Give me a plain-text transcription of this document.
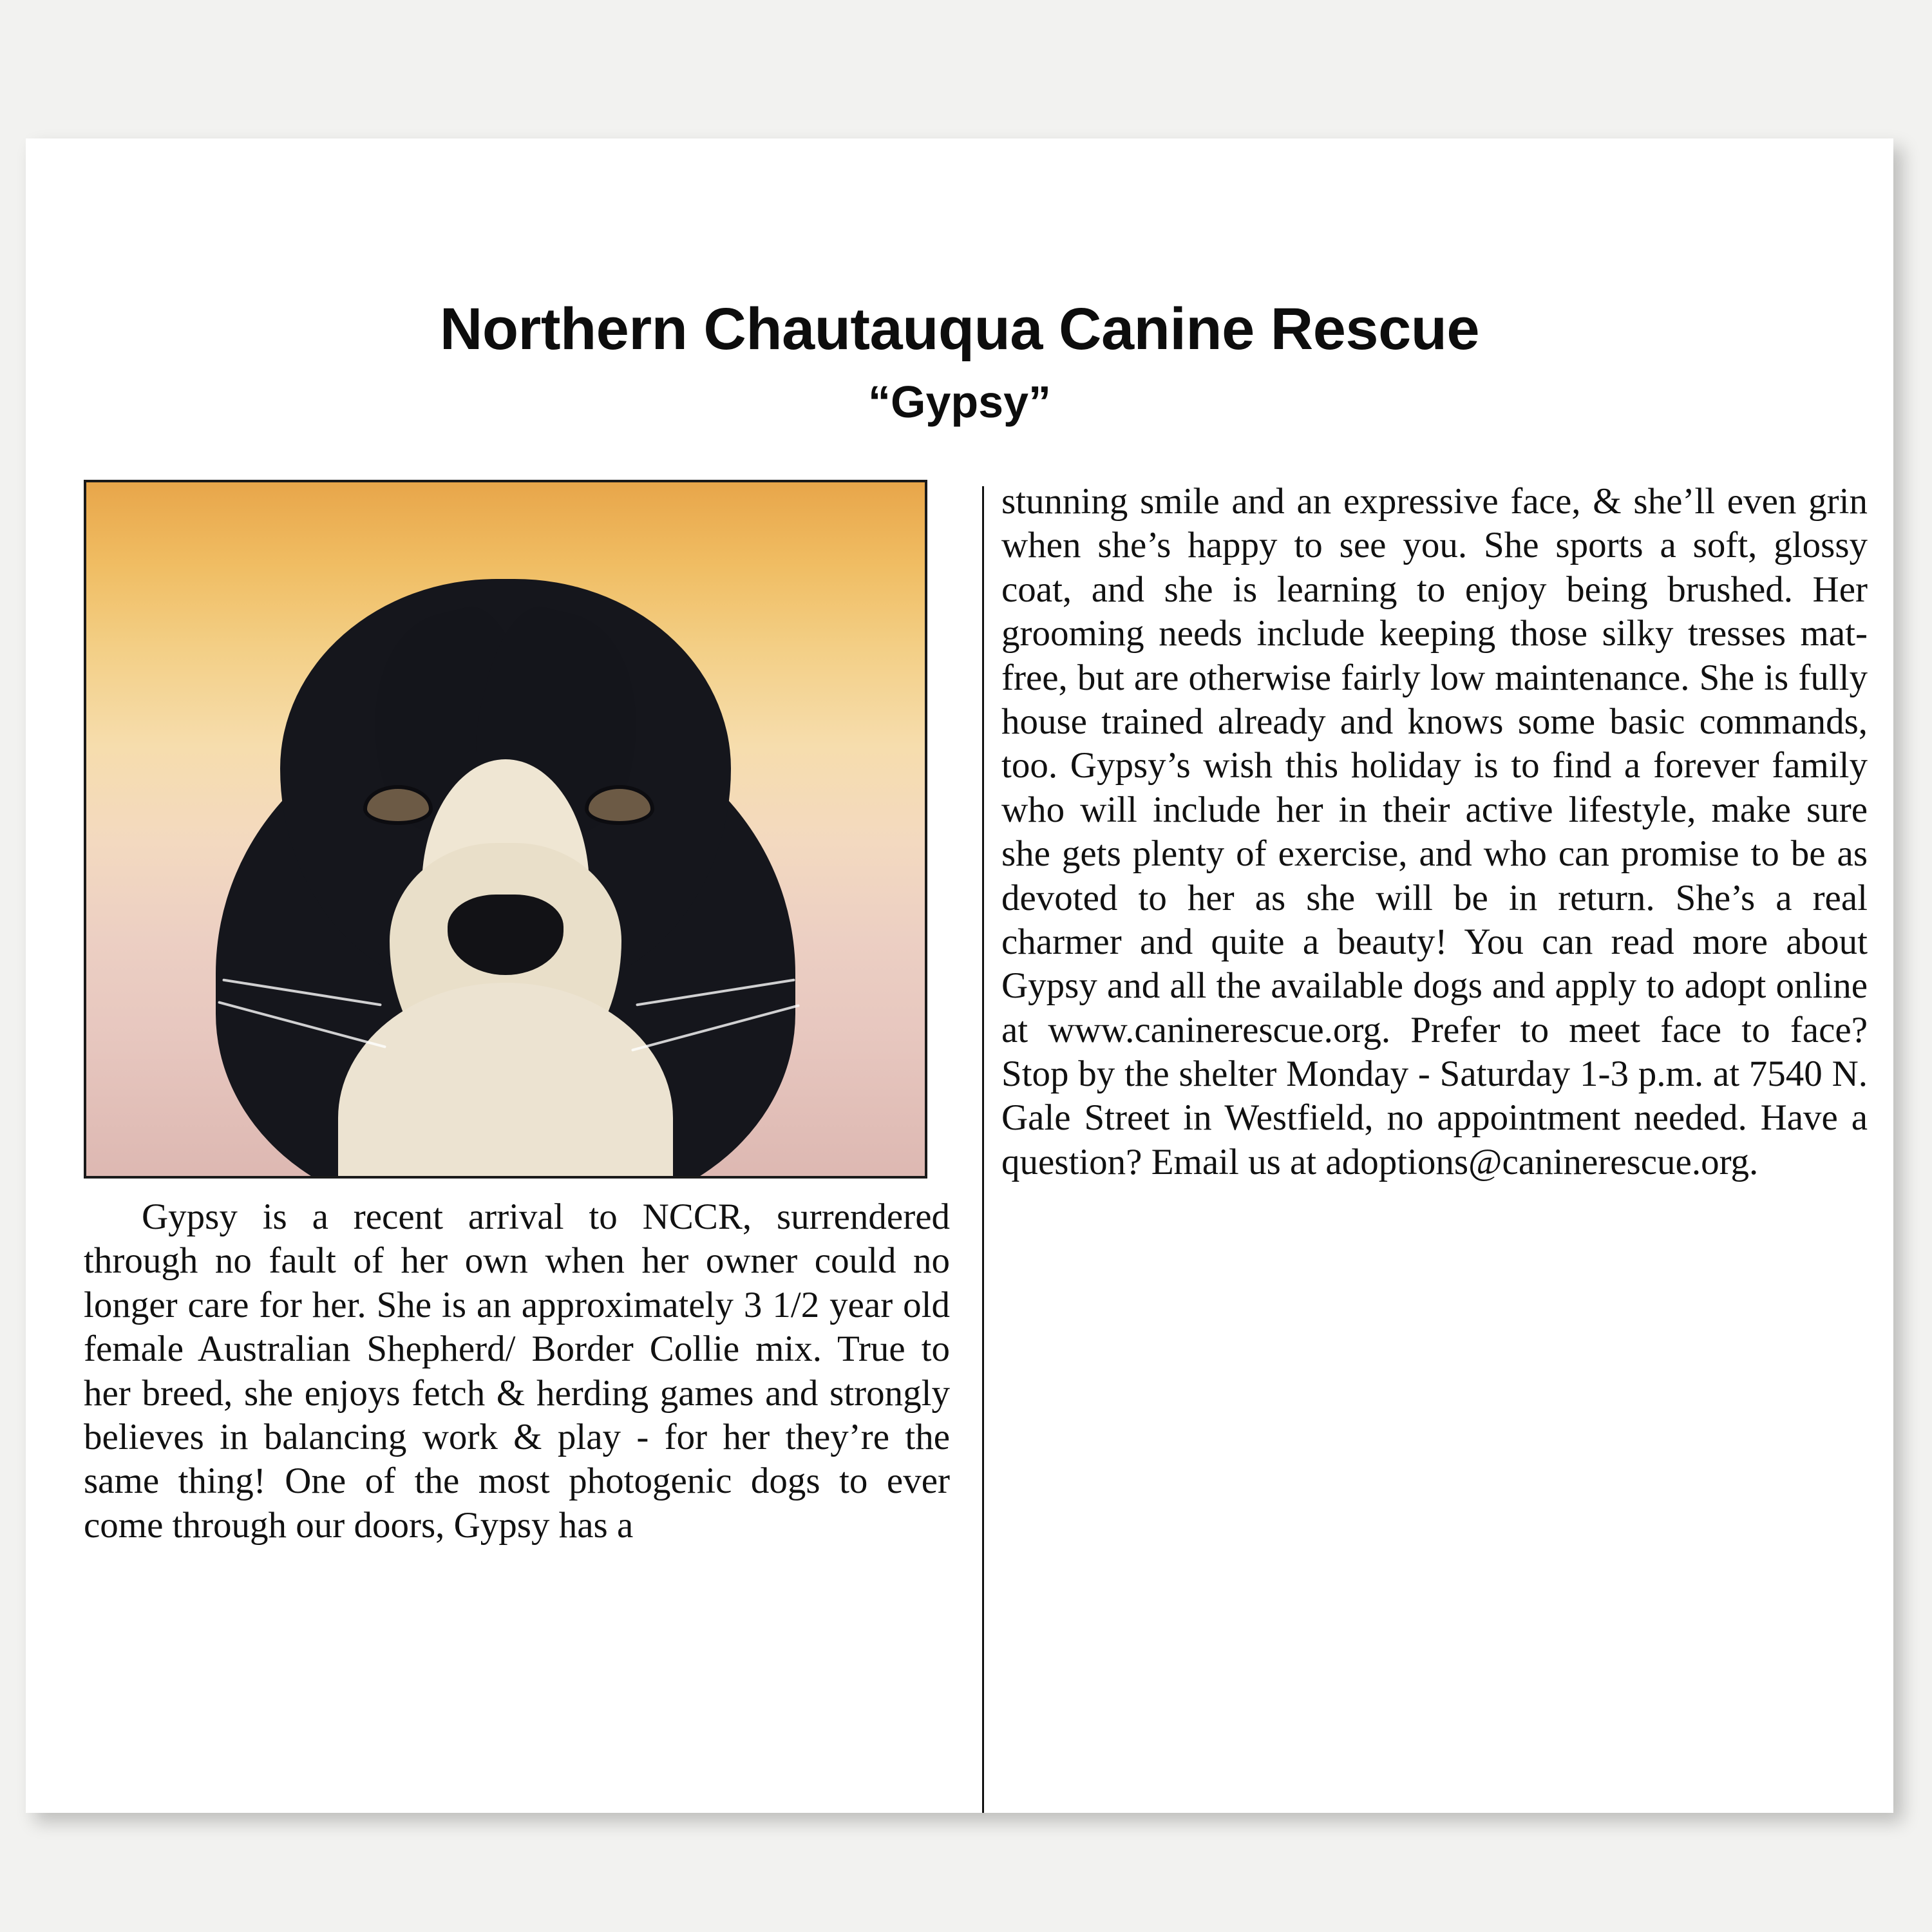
Northern Chautauqua Canine Rescue
“Gypsy”

Gypsy is a recent arrival to NCCR, surrendered through no fault of her own when her owner could no longer care for her. She is an approximately 3 1/2 year old female Australian Shepherd/ Border Collie mix. True to her breed, she enjoys fetch & herding games and strongly believes in balancing work & play - for her they’re the same thing! One of the most photogenic dogs to ever come through our doors, Gypsy has a

stunning smile and an expressive face, & she’ll even grin when she’s happy to see you. She sports a soft, glossy coat, and she is learning to enjoy being brushed. Her grooming needs include keeping those silky tresses mat-free, but are otherwise fairly low maintenance. She is fully house trained already and knows some basic commands, too. Gypsy’s wish this holiday is to find a forever family who will include her in their active lifestyle, make sure she gets plenty of exercise, and who can promise to be as devoted to her as she will be in return. She’s a real charmer and quite a beauty! You can read more about Gypsy and all the available dogs and apply to adopt online at www.caninerescue.org. Prefer to meet face to face? Stop by the shelter Monday - Saturday 1-3 p.m. at 7540 N. Gale Street in Westfield, no appointment needed. Have a question? Email us at adoptions@caninerescue.org.
